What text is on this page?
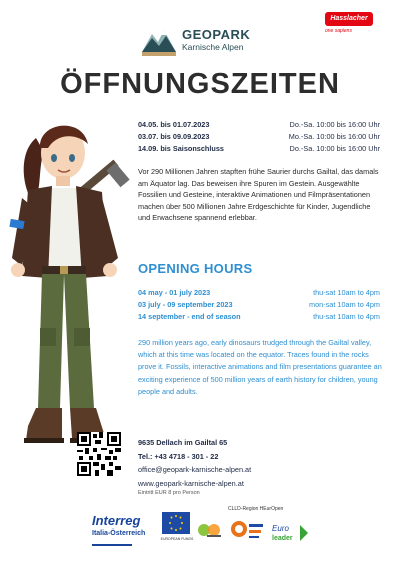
GEOPARK
Karnische Alpen
Hasslacher
one sapiens
ÖFFNUNGSZEITEN
04.05. bis 01.07.2023	Do.-Sa. 10:00 bis 16:00 Uhr
03.07. bis 09.09.2023	Mo.-Sa. 10:00 bis 16:00 Uhr
14.09. bis Saisonschluss	Do.-Sa. 10:00 bis 16:00 Uhr
Vor 290 Millionen Jahren stapften frühe Saurier durchs Gailtal, das damals am Äquator lag. Das beweisen ihre Spuren im Gestein. Ausgewählte Fossilien und Gesteine, interaktive Animationen und Filmpräsentationen machen über 500 Millionen Jahre Erdgeschichte für Kinder, Jugendliche und Erwachsene spannend erlebbar.
OPENING HOURS
04 may - 01 july 2023	thu-sat 10am to 4pm
03 july - 09 september 2023	mon-sat 10am to 4pm
14 september - end of season	thu-sat 10am to 4pm
290 million years ago, early dinosaurs trudged through the Gailtal valley, which at this time was located on the equator. Traces found in the rocks prove it. Fossils, interactive animations and film presentations guarantee an exciting experience of 500 million years of earth history for children, young people and adults.
9635 Dellach im Gailtal 65
Tel.: +43 4718 - 301 - 22
office@geopark-karnische-alpen.at
www.geopark-karnische-alpen.at
Eintritt EUR 8 pro Person
Interreg
Italia-Österreich
EUROPEAN FUNDS
CLLD-Region HEurOpen
Euro
leader
